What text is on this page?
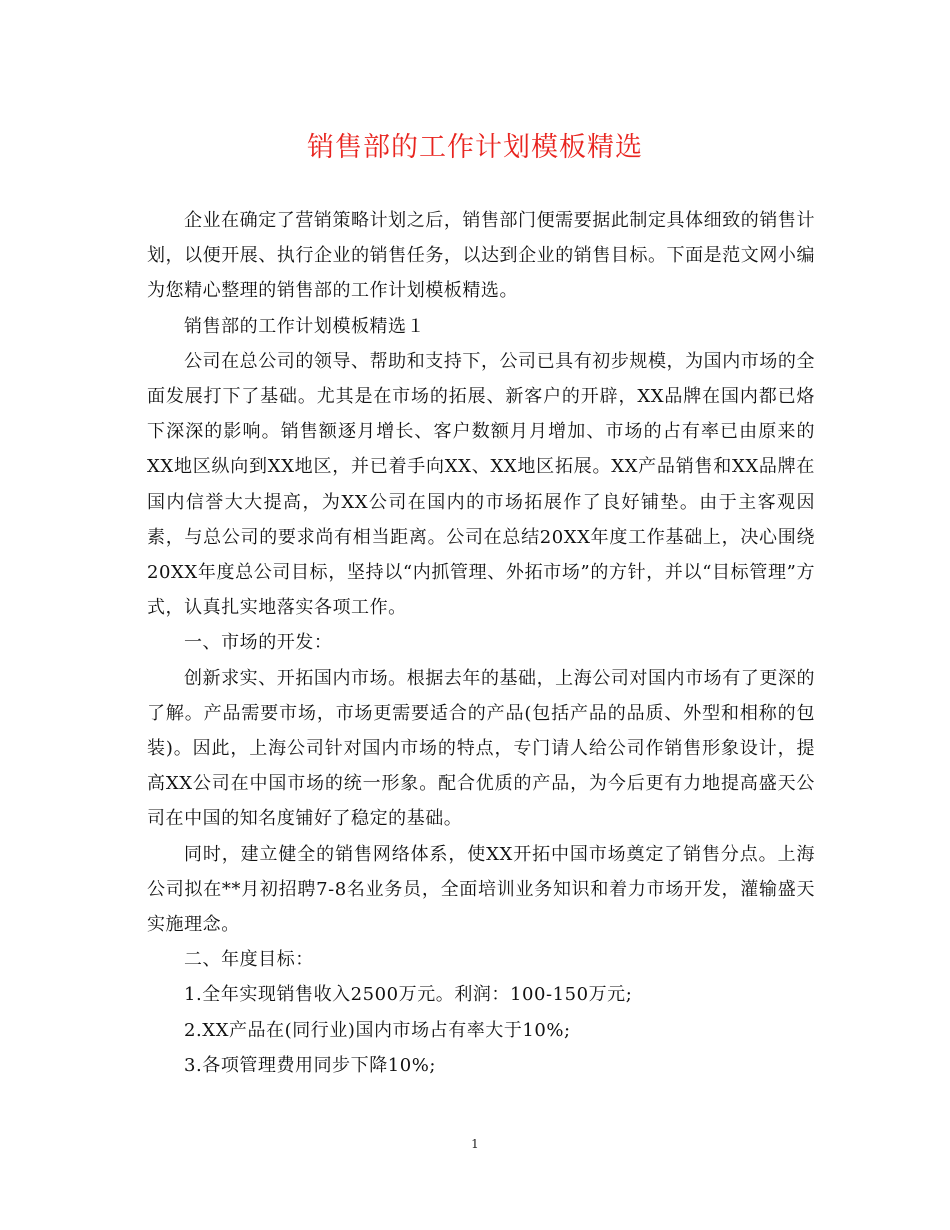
销售部的工作计划模板精选

企业在确定了营销策略计划之后，销售部门便需要据此制定具体细致的销售计划，以便开展、执行企业的销售任务，以达到企业的销售目标。下面是范文网小编为您精心整理的销售部的工作计划模板精选。

销售部的工作计划模板精选１

公司在总公司的领导、帮助和支持下，公司已具有初步规模，为国内市场的全面发展打下了基础。尤其是在市场的拓展、新客户的开辟，XX品牌在国内都已烙下深深的影响。销售额逐月增长、客户数额月月增加、市场的占有率已由原来的XX地区纵向到XX地区，并已着手向XX、XX地区拓展。XX产品销售和XX品牌在国内信誉大大提高，为XX公司在国内的市场拓展作了良好铺垫。由于主客观因素，与总公司的要求尚有相当距离。公司在总结20XX年度工作基础上，决心围绕20XX年度总公司目标，坚持以“内抓管理、外拓市场”的方针，并以“目标管理”方式，认真扎实地落实各项工作。

一、市场的开发：

创新求实、开拓国内市场。根据去年的基础，上海公司对国内市场有了更深的了解。产品需要市场，市场更需要适合的产品(包括产品的品质、外型和相称的包装)。因此，上海公司针对国内市场的特点，专门请人给公司作销售形象设计，提高XX公司在中国市场的统一形象。配合优质的产品，为今后更有力地提高盛天公司在中国的知名度铺好了稳定的基础。

同时，建立健全的销售网络体系，使XX开拓中国市场奠定了销售分点。上海公司拟在**月初招聘7-8名业务员，全面培训业务知识和着力市场开发，灌输盛天实施理念。

二、年度目标：

1.全年实现销售收入2500万元。利润：100-150万元;

2.XX产品在(同行业)国内市场占有率大于10%;

3.各项管理费用同步下降10%;

1
